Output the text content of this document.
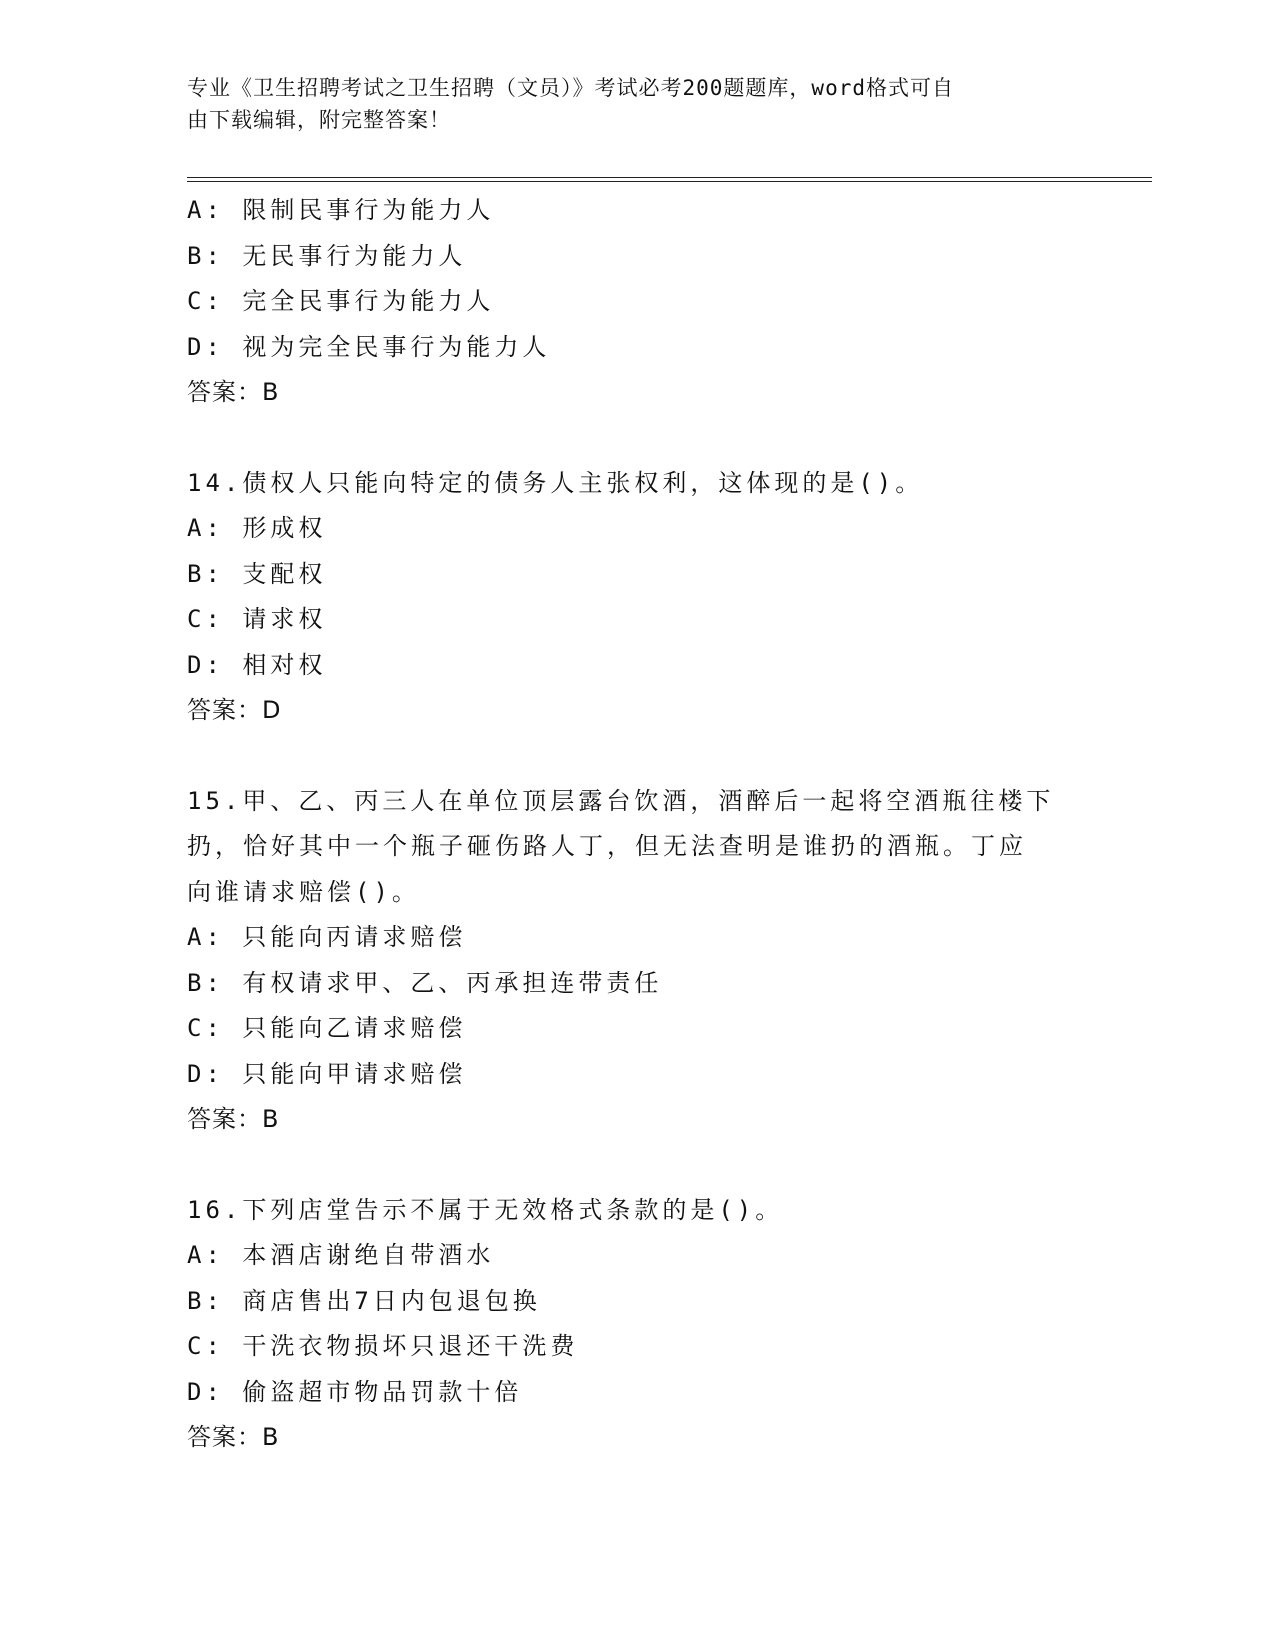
专业《卫生招聘考试之卫生招聘（文员）》考试必考200题题库，word格式可自
由下载编辑，附完整答案！
A: 限制民事行为能力人
B: 无民事行为能力人
C: 完全民事行为能力人
D: 视为完全民事行为能力人
答案：B
14.债权人只能向特定的债务人主张权利，这体现的是()。
A: 形成权
B: 支配权
C: 请求权
D: 相对权
答案：D
15.甲、乙、丙三人在单位顶层露台饮酒，酒醉后一起将空酒瓶往楼下
扔，恰好其中一个瓶子砸伤路人丁，但无法查明是谁扔的酒瓶。丁应
向谁请求赔偿()。
A: 只能向丙请求赔偿
B: 有权请求甲、乙、丙承担连带责任
C: 只能向乙请求赔偿
D: 只能向甲请求赔偿
答案：B
16.下列店堂告示不属于无效格式条款的是()。
A: 本酒店谢绝自带酒水
B: 商店售出7日内包退包换
C: 干洗衣物损坏只退还干洗费
D: 偷盗超市物品罚款十倍
答案：B
